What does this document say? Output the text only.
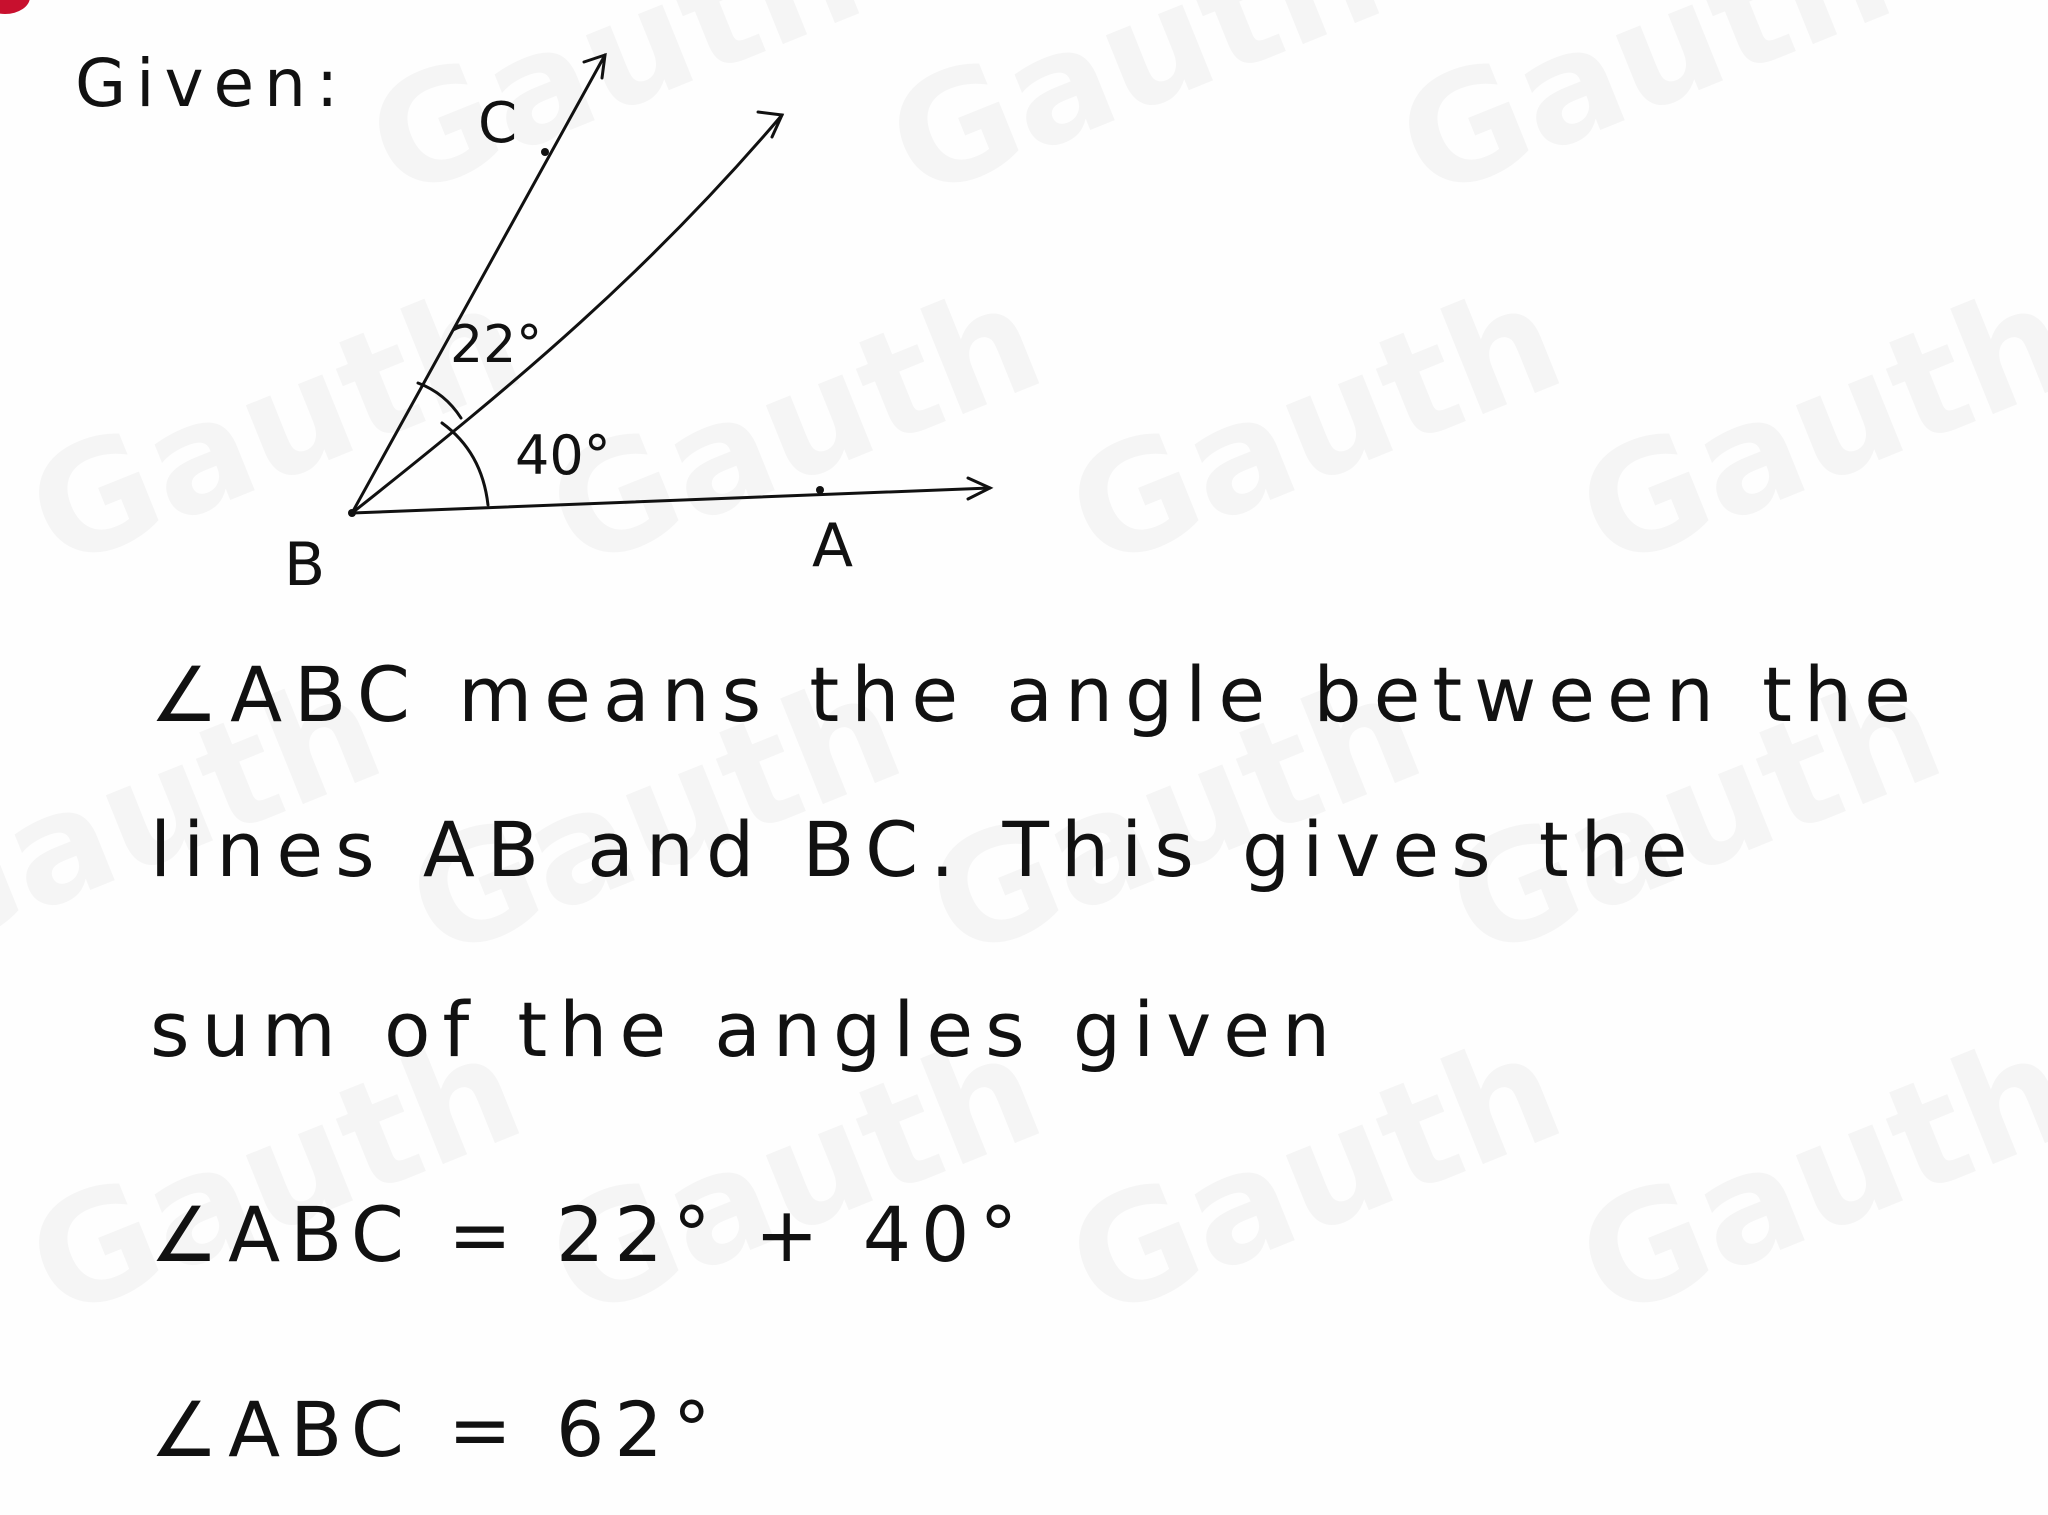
Given:
C
B	A
22°
40°
∠ABC means the angle between the
lines AB and BC. This gives the
sum of the angles given
∠ABC = 22° + 40°
∠ABC = 62°
